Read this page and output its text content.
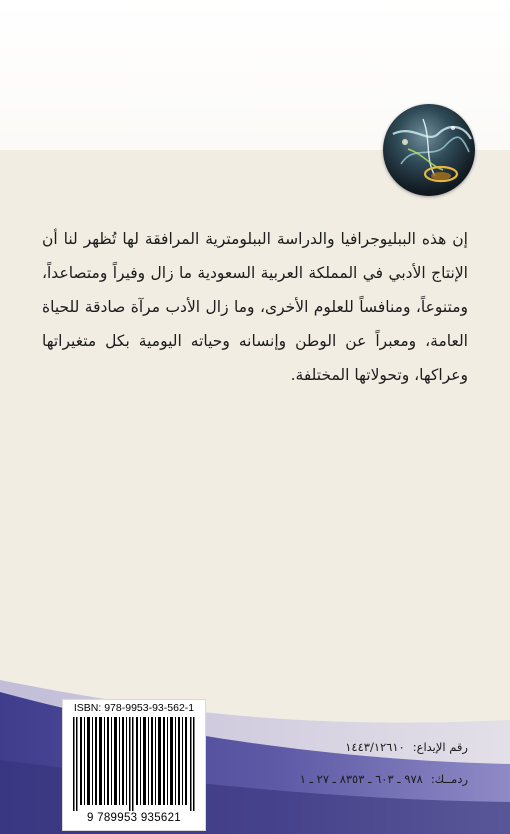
إن هذه الببليوجرافيا والدراسة الببلومترية المرافقة لها تُظهر لنا أن الإنتاج الأدبي في المملكة العربية السعودية ما زال وفيراً ومتصاعداً، ومتنوعاً، ومنافساً للعلوم الأخرى، وما زال الأدب مرآة صادقة للحياة العامة، ومعبراً عن الوطن وإنسانه وحياته اليومية بكل متغيراتها وعراكها، وتحولاتها المختلفة.

ISBN: 978-9953-93-562-1
9 789953 935621
رقم الإيداع:١٤٤٣/١٢٦١٠
ردمــك:٩٧٨ ـ ٦٠٣ ـ ٨٣٥٣ ـ ٢٧ ـ ١
